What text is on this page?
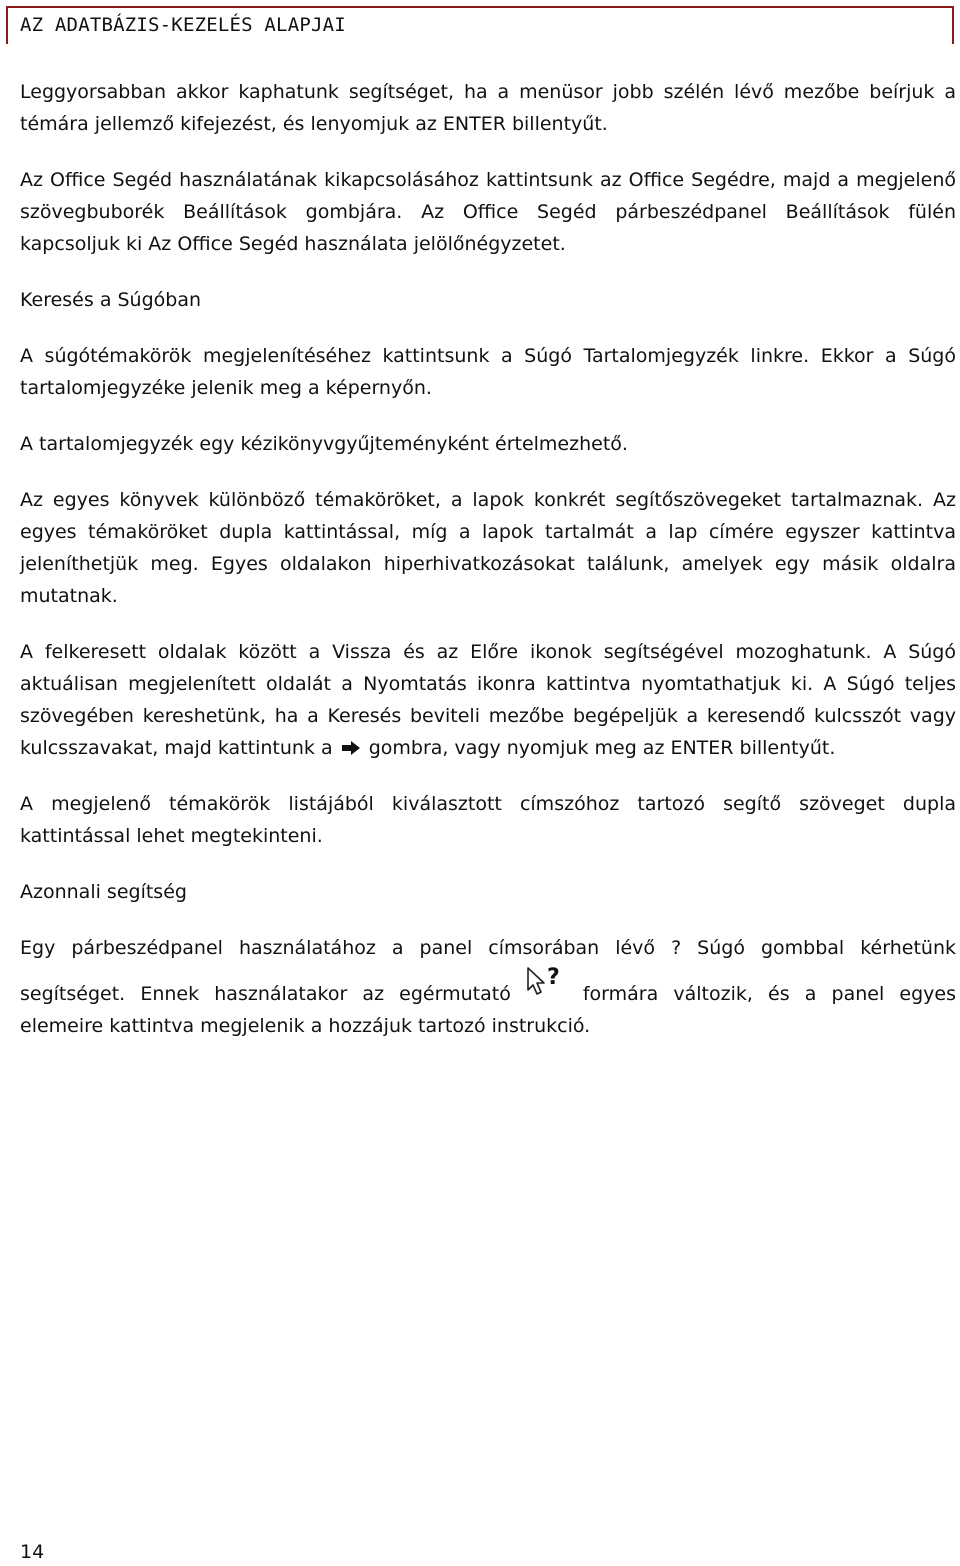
AZ ADATBÁZIS-KEZELÉS ALAPJAI

Leggyorsabban akkor kaphatunk segítséget, ha a menüsor jobb szélén lévő mezőbe beírjuk a témára jellemző kifejezést, és lenyomjuk az ENTER billentyűt.

Az Office Segéd használatának kikapcsolásához kattintsunk az Office Segédre, majd a megjelenő szövegbuborék Beállítások gombjára. Az Office Segéd párbeszédpanel Beállítások fülén kapcsoljuk ki Az Office Segéd használata jelölőnégyzetet.

Keresés a Súgóban

A súgótémakörök megjelenítéséhez kattintsunk a Súgó Tartalomjegyzék linkre. Ekkor a Súgó tartalomjegyzéke jelenik meg a képernyőn.

A tartalomjegyzék egy kézikönyvgyűjteményként értelmezhető.

Az egyes könyvek különböző témaköröket, a lapok konkrét segítőszövegeket tartalmaznak. Az egyes témaköröket dupla kattintással, míg a lapok tartalmát a lap címére egyszer kattintva jeleníthetjük meg. Egyes oldalakon hiperhivatkozásokat találunk, amelyek egy másik oldalra mutatnak.

A felkeresett oldalak között a Vissza és az Előre ikonok segítségével mozoghatunk. A Súgó aktuálisan megjelenített oldalát a Nyomtatás ikonra kattintva nyomtathatjuk ki. A Súgó teljes szövegében kereshetünk, ha a Keresés beviteli mezőbe begépeljük a keresendő kulcsszót vagy kulcsszavakat, majd kattintunk a gombra, vagy nyomjuk meg az ENTER billentyűt.

A megjelenő témakörök listájából kiválasztott címszóhoz tartozó segítő szöveget dupla kattintással lehet megtekinteni.

Azonnali segítség

Egy párbeszédpanel használatához a panel címsorában lévő ? Súgó gombbal kérhetünk segítséget. Ennek használatakor az egérmutató
?
formára változik, és a panel egyes elemeire kattintva megjelenik a hozzájuk tartozó instrukció.

14
